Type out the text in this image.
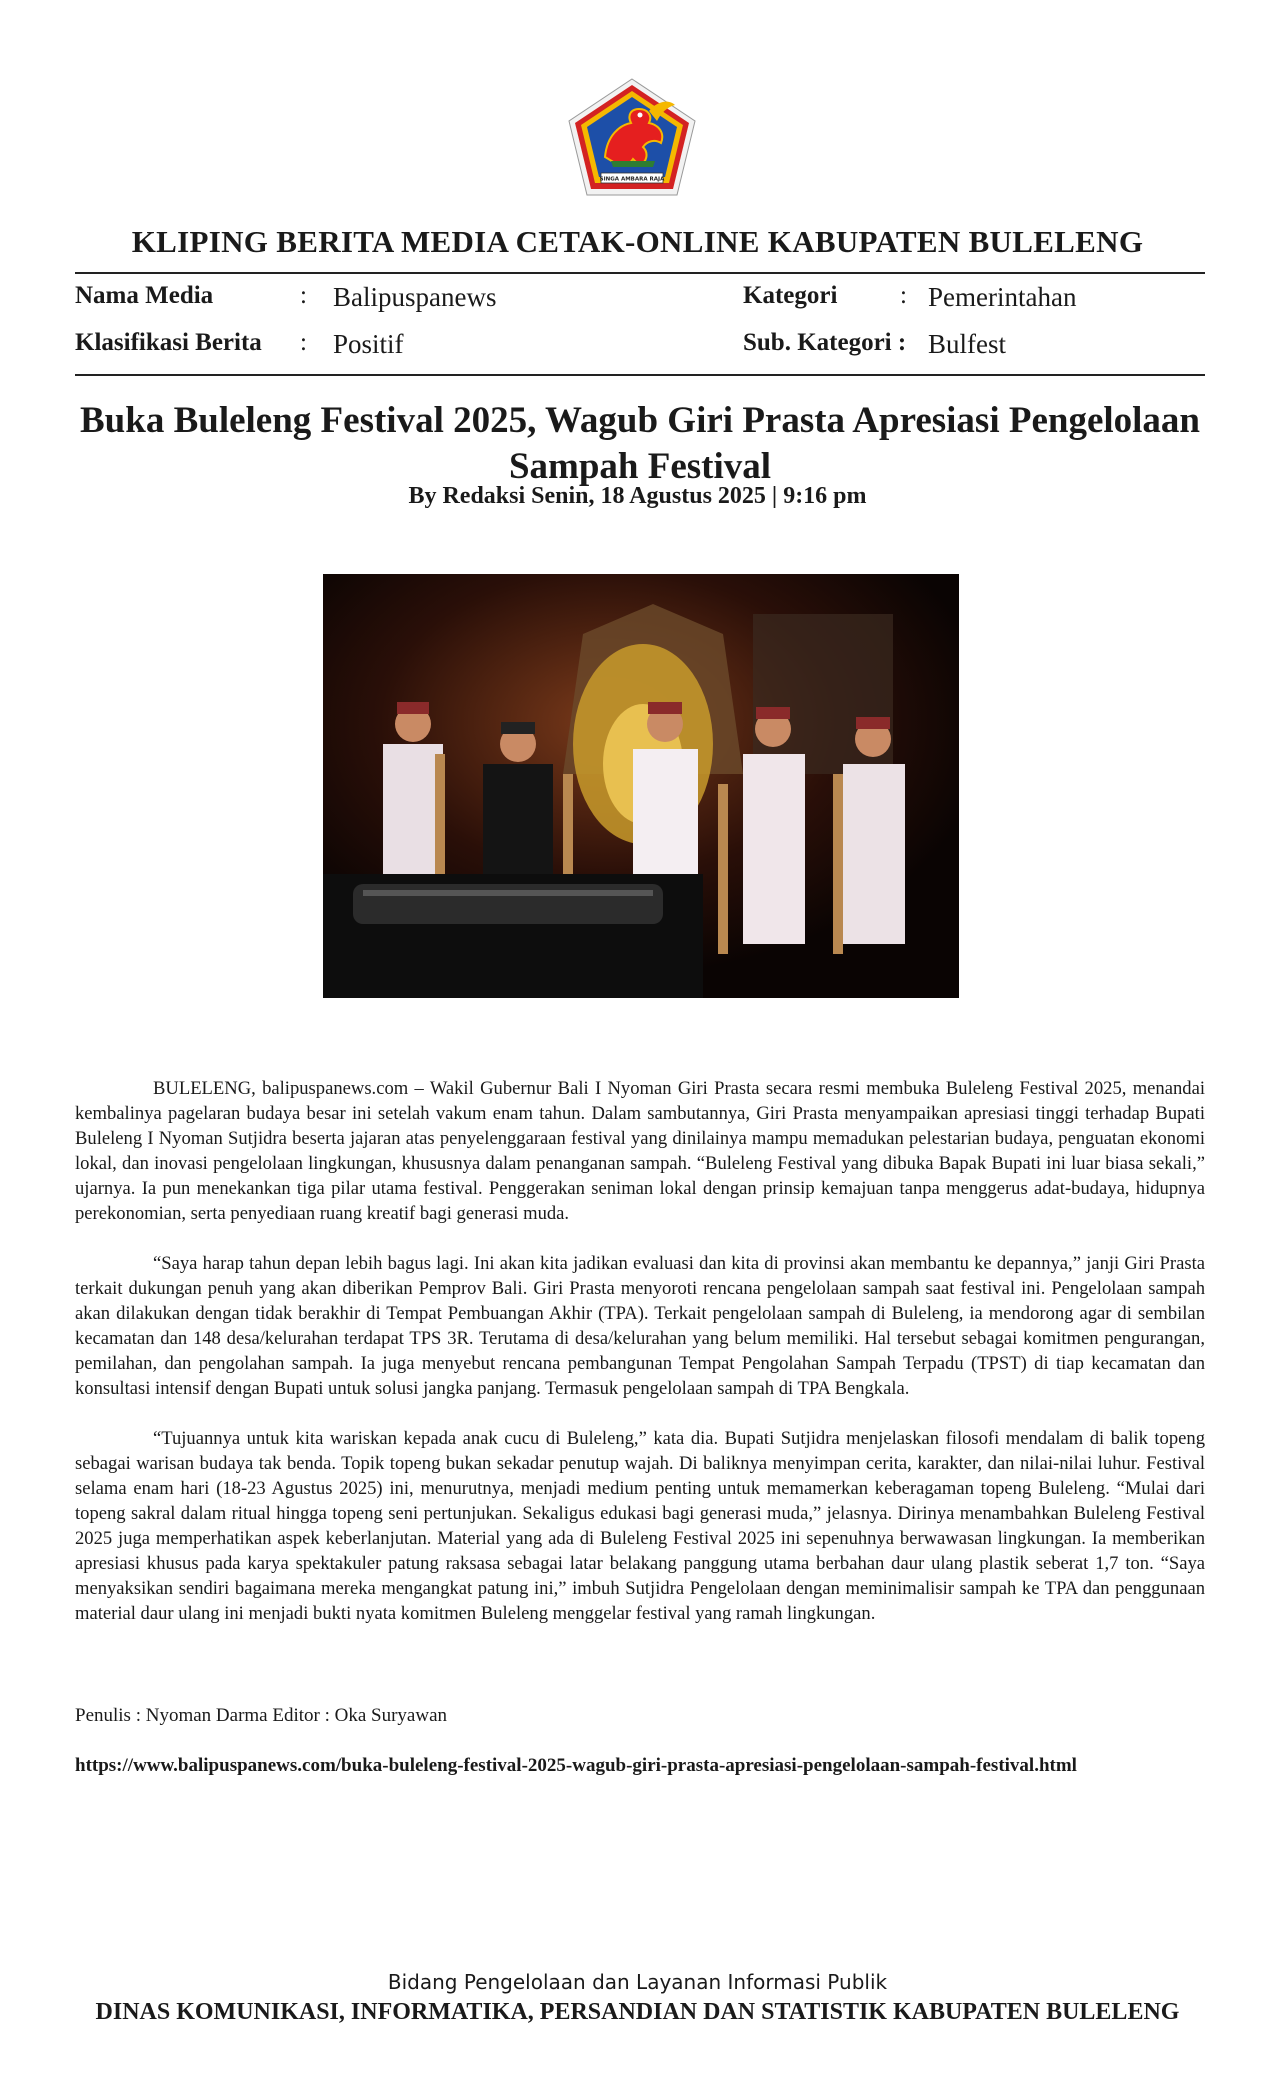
SINGA AMBARA RAJA
KLIPING BERITA MEDIA CETAK-ONLINE KABUPATEN BULELENG
Nama Media	: Balipuspanews	Kategori	: Pemerintahan
Klasifikasi Berita : Positif	Sub. Kategori : Bulfest
Buka Buleleng Festival 2025, Wagub Giri Prasta Apresiasi Pengelolaan Sampah Festival
By Redaksi Senin, 18 Agustus 2025 | 9:16 pm

BULELENG, balipuspanews.com – Wakil Gubernur Bali I Nyoman Giri Prasta secara resmi membuka Buleleng Festival 2025, menandai kembalinya pagelaran budaya besar ini setelah vakum enam tahun. Dalam sambutannya, Giri Prasta menyampaikan apresiasi tinggi terhadap Bupati Buleleng I Nyoman Sutjidra beserta jajaran atas penyelenggaraan festival yang dinilainya mampu memadukan pelestarian budaya, penguatan ekonomi lokal, dan inovasi pengelolaan lingkungan, khususnya dalam penanganan sampah. “Buleleng Festival yang dibuka Bapak Bupati ini luar biasa sekali,” ujarnya. Ia pun menekankan tiga pilar utama festival. Penggerakan seniman lokal dengan prinsip kemajuan tanpa menggerus adat-budaya, hidupnya perekonomian, serta penyediaan ruang kreatif bagi generasi muda.

“Saya harap tahun depan lebih bagus lagi. Ini akan kita jadikan evaluasi dan kita di provinsi akan membantu ke depannya,” janji Giri Prasta terkait dukungan penuh yang akan diberikan Pemprov Bali. Giri Prasta menyoroti rencana pengelolaan sampah saat festival ini. Pengelolaan sampah akan dilakukan dengan tidak berakhir di Tempat Pembuangan Akhir (TPA). Terkait pengelolaan sampah di Buleleng, ia mendorong agar di sembilan kecamatan dan 148 desa/kelurahan terdapat TPS 3R. Terutama di desa/kelurahan yang belum memiliki. Hal tersebut sebagai komitmen pengurangan, pemilahan, dan pengolahan sampah. Ia juga menyebut rencana pembangunan Tempat Pengolahan Sampah Terpadu (TPST) di tiap kecamatan dan konsultasi intensif dengan Bupati untuk solusi jangka panjang. Termasuk pengelolaan sampah di TPA Bengkala.

“Tujuannya untuk kita wariskan kepada anak cucu di Buleleng,” kata dia. Bupati Sutjidra menjelaskan filosofi mendalam di balik topeng sebagai warisan budaya tak benda. Topik topeng bukan sekadar penutup wajah. Di baliknya menyimpan cerita, karakter, dan nilai-nilai luhur. Festival selama enam hari (18-23 Agustus 2025) ini, menurutnya, menjadi medium penting untuk memamerkan keberagaman topeng Buleleng. “Mulai dari topeng sakral dalam ritual hingga topeng seni pertunjukan. Sekaligus edukasi bagi generasi muda,” jelasnya. Dirinya menambahkan Buleleng Festival 2025 juga memperhatikan aspek keberlanjutan. Material yang ada di Buleleng Festival 2025 ini sepenuhnya berwawasan lingkungan. Ia memberikan apresiasi khusus pada karya spektakuler patung raksasa sebagai latar belakang panggung utama berbahan daur ulang plastik seberat 1,7 ton. “Saya menyaksikan sendiri bagaimana mereka mengangkat patung ini,” imbuh Sutjidra Pengelolaan dengan meminimalisir sampah ke TPA dan penggunaan material daur ulang ini menjadi bukti nyata komitmen Buleleng menggelar festival yang ramah lingkungan.

Penulis : Nyoman Darma Editor : Oka Suryawan
https://www.balipuspanews.com/buka-buleleng-festival-2025-wagub-giri-prasta-apresiasi-pengelolaan-sampah-festival.html
Bidang Pengelolaan dan Layanan Informasi Publik
DINAS KOMUNIKASI, INFORMATIKA, PERSANDIAN DAN STATISTIK KABUPATEN BULELENG
